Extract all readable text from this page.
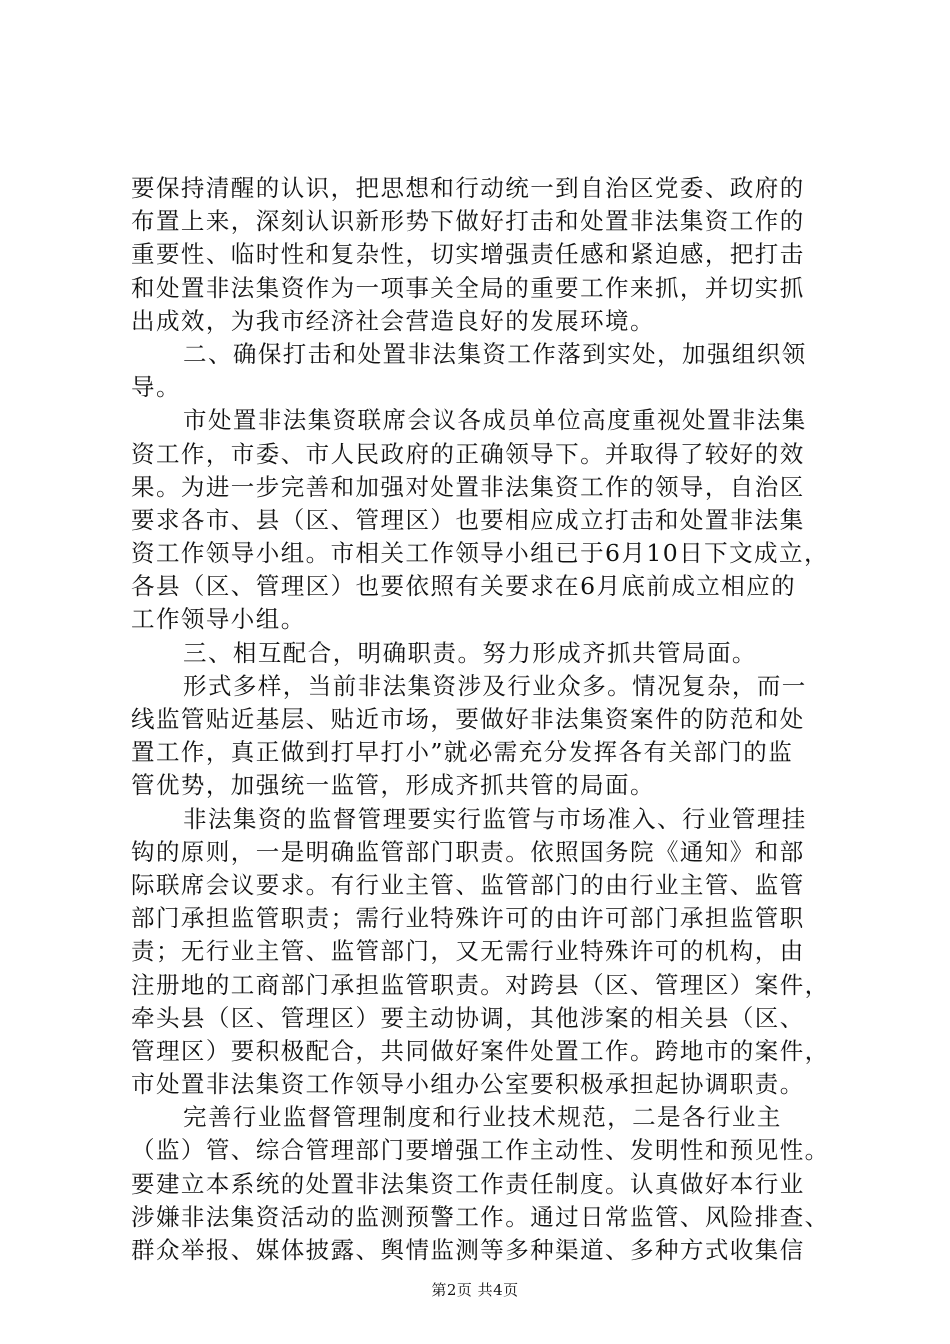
要保持清醒的认识，把思想和行动统一到自治区党委、政府的
布置上来，深刻认识新形势下做好打击和处置非法集资工作的
重要性、临时性和复杂性，切实增强责任感和紧迫感，把打击
和处置非法集资作为一项事关全局的重要工作来抓，并切实抓
出成效，为我市经济社会营造良好的发展环境。
二、确保打击和处置非法集资工作落到实处，加强组织领
导。
市处置非法集资联席会议各成员单位高度重视处置非法集
资工作，市委、市人民政府的正确领导下。并取得了较好的效
果。为进一步完善和加强对处置非法集资工作的领导，自治区
要求各市、县（区、管理区）也要相应成立打击和处置非法集
资工作领导小组。市相关工作领导小组已于6月10日下文成立，
各县（区、管理区）也要依照有关要求在6月底前成立相应的
工作领导小组。
三、相互配合，明确职责。努力形成齐抓共管局面。
形式多样，当前非法集资涉及行业众多。情况复杂，而一
线监管贴近基层、贴近市场，要做好非法集资案件的防范和处
置工作，真正做到打早打小”就必需充分发挥各有关部门的监
管优势，加强统一监管，形成齐抓共管的局面。
非法集资的监督管理要实行监管与市场准入、行业管理挂
钩的原则，一是明确监管部门职责。依照国务院《通知》和部
际联席会议要求。有行业主管、监管部门的由行业主管、监管
部门承担监管职责；需行业特殊许可的由许可部门承担监管职
责；无行业主管、监管部门，又无需行业特殊许可的机构，由
注册地的工商部门承担监管职责。对跨县（区、管理区）案件，
牵头县（区、管理区）要主动协调，其他涉案的相关县（区、
管理区）要积极配合，共同做好案件处置工作。跨地市的案件，
市处置非法集资工作领导小组办公室要积极承担起协调职责。
完善行业监督管理制度和行业技术规范，二是各行业主
（监）管、综合管理部门要增强工作主动性、发明性和预见性。
要建立本系统的处置非法集资工作责任制度。认真做好本行业
涉嫌非法集资活动的监测预警工作。通过日常监管、风险排查、
群众举报、媒体披露、舆情监测等多种渠道、多种方式收集信
第2页 共4页
